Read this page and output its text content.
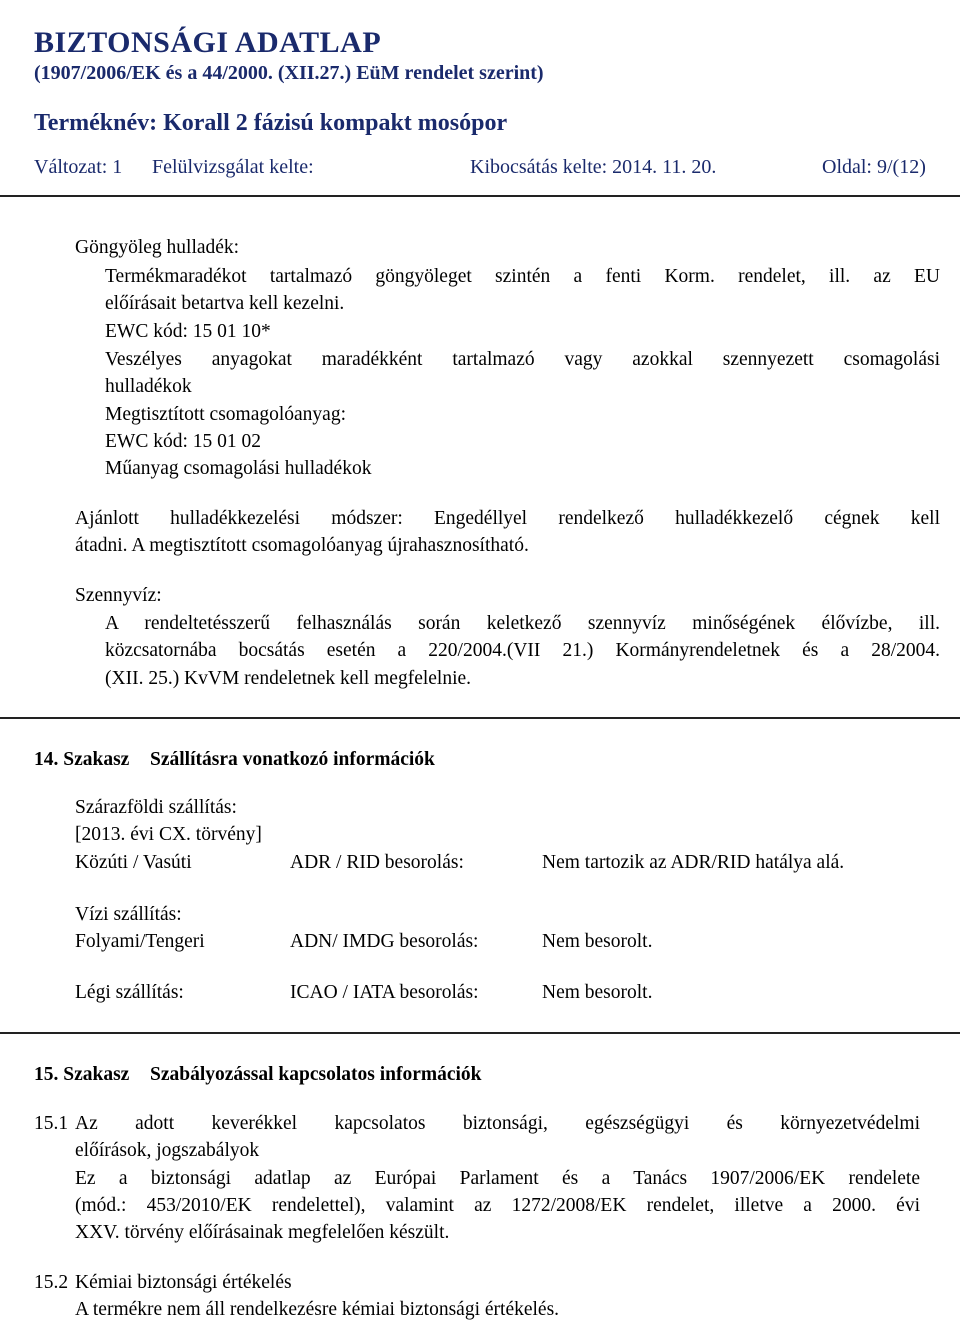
BIZTONSÁGI ADATLAP
(1907/2006/EK és a 44/2000. (XII.27.) EüM rendelet szerint)
Terméknév: Korall 2 fázisú kompakt mosópor
Változat: 1 Felülvizsgálat kelte:	Kibocsátás kelte: 2014. 11. 20.	Oldal: 9/(12)
Göngyöleg hulladék:
Termékmaradékot tartalmazó göngyöleget szintén a fenti Korm. rendelet, ill. az EU
előírásait betartva kell kezelni.
EWC kód: 15 01 10*
Veszélyes anyagokat maradékként tartalmazó vagy azokkal szennyezett csomagolási
hulladékok
Megtisztított csomagolóanyag:
EWC kód: 15 01 02
Műanyag csomagolási hulladékok
Ajánlott hulladékkezelési módszer: Engedéllyel rendelkező hulladékkezelő cégnek kell
átadni. A megtisztított csomagolóanyag újrahasznosítható.
Szennyvíz:
A rendeltetésszerű felhasználás során keletkező szennyvíz minőségének élővízbe, ill.
közcsatornába bocsátás esetén a 220/2004.(VII 21.) Kormányrendeletnek és a 28/2004.
(XII. 25.) KvVM rendeletnek kell megfelelnie.
14. Szakasz Szállításra vonatkozó információk
Szárazföldi szállítás:
[2013. évi CX. törvény]
Közúti / Vasúti	ADR / RID besorolás:	Nem tartozik az ADR/RID hatálya alá.
Vízi szállítás:
Folyami/Tengeri	ADN/ IMDG besorolás:	Nem besorolt.
Légi szállítás:	ICAO / IATA besorolás:	Nem besorolt.
15. Szakasz Szabályozással kapcsolatos információk
15.1 Az adott keverékkel kapcsolatos biztonsági, egészségügyi és környezetvédelmi
előírások, jogszabályok
Ez a biztonsági adatlap az Európai Parlament és a Tanács 1907/2006/EK rendelete
(mód.: 453/2010/EK rendelettel), valamint az 1272/2008/EK rendelet, illetve a 2000. évi
XXV. törvény előírásainak megfelelően készült.
15.2 Kémiai biztonsági értékelés
A termékre nem áll rendelkezésre kémiai biztonsági értékelés.
